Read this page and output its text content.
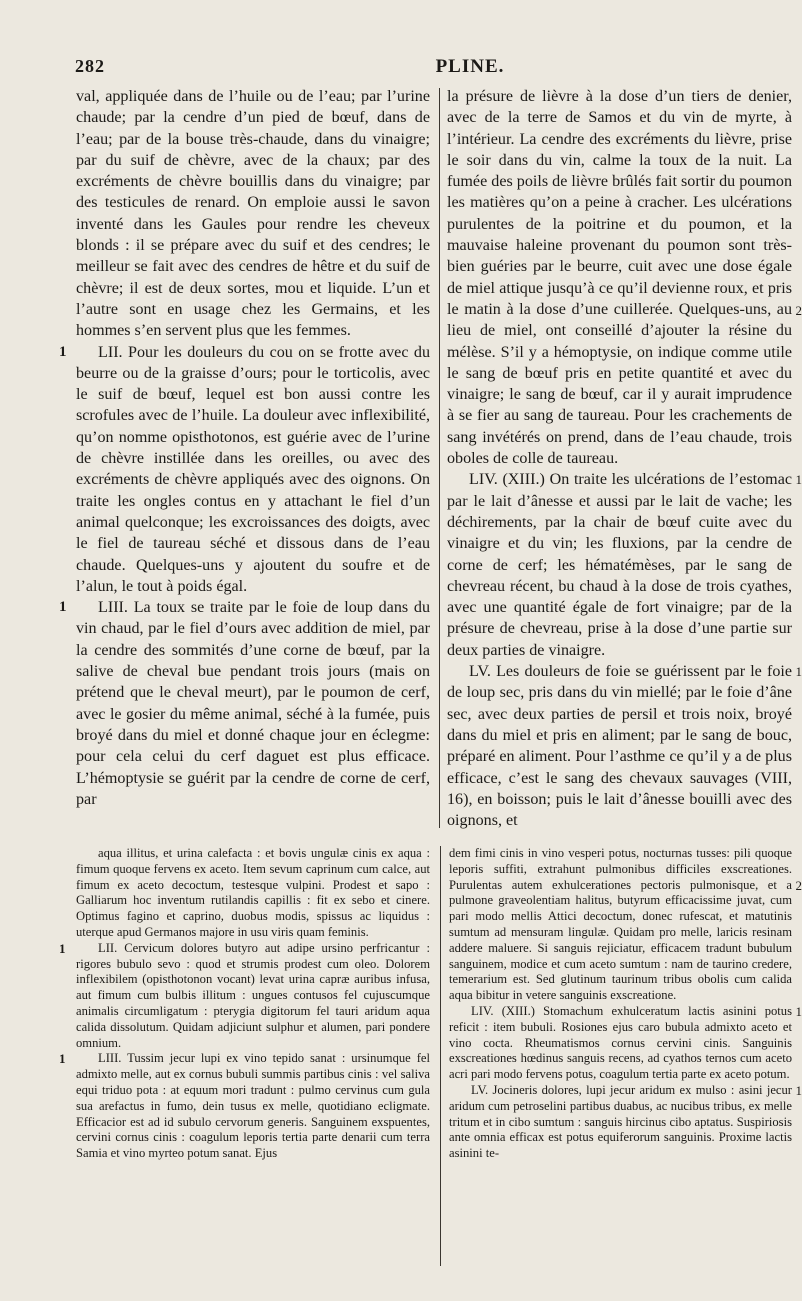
282	PLINE.

val, appliquée dans de l’huile ou de l’eau; par l’urine chaude; par la cendre d’un pied de bœuf, dans de l’eau; par de la bouse très-chaude, dans du vinaigre; par du suif de chèvre, avec de la chaux; par des excréments de chèvre bouillis dans du vinaigre; par des testicules de renard. On emploie aussi le savon inventé dans les Gaules pour rendre les cheveux blonds : il se prépare avec du suif et des cendres; le meilleur se fait avec des cendres de hêtre et du suif de chèvre; il est de deux sortes, mou et liquide. L’un et l’autre sont en usage chez les Germains, et les hommes s’en servent plus que les femmes.

1	LII. Pour les douleurs du cou on se frotte avec du beurre ou de la graisse d’ours; pour le torticolis, avec le suif de bœuf, lequel est bon aussi contre les scrofules avec de l’huile. La douleur avec inflexibilité, qu’on nomme opisthotonos, est guérie avec de l’urine de chèvre instillée dans les oreilles, ou avec des excréments de chèvre appliqués avec des oignons. On traite les ongles contus en y attachant le fiel d’un animal quelconque; les excroissances des doigts, avec le fiel de taureau séché et dissous dans de l’eau chaude. Quelques-uns y ajoutent du soufre et de l’alun, le tout à poids égal.

1	LIII. La toux se traite par le foie de loup dans du vin chaud, par le fiel d’ours avec addition de miel, par la cendre des sommités d’une corne de bœuf, par la salive de cheval bue pendant trois jours (mais on prétend que le cheval meurt), par le poumon de cerf, avec le gosier du même animal, séché à la fumée, puis broyé dans du miel et donné chaque jour en éclegme: pour cela celui du cerf daguet est plus efficace. L’hémoptysie se guérit par la cendre de corne de cerf, par

2

la présure de lièvre à la dose d’un tiers de denier, avec de la terre de Samos et du vin de myrte, à l’intérieur. La cendre des excréments du lièvre, prise le soir dans du vin, calme la toux de la nuit. La fumée des poils de lièvre brûlés fait sortir du poumon les matières qu’on a peine à cracher. Les ulcérations purulentes de la poitrine et du poumon, et la mauvaise haleine provenant du poumon sont très-bien guéries par le beurre, cuit avec une dose égale de miel attique jusqu’à ce qu’il devienne roux, et pris le matin à la dose d’une cuillerée. Quelques-uns, au lieu de miel, ont conseillé d’ajouter la résine du mélèse. S’il y a hémoptysie, on indique comme utile le sang de bœuf pris en petite quantité et avec du vinaigre; le sang de bœuf, car il y aurait imprudence à se fier au sang de taureau. Pour les crachements de sang invétérés on prend, dans de l’eau chaude, trois oboles de colle de taureau.

1

LIV. (XIII.) On traite les ulcérations de l’estomac par le lait d’ânesse et aussi par le lait de vache; les déchirements, par la chair de bœuf cuite avec du vinaigre et du vin; les fluxions, par la cendre de corne de cerf; les hématémèses, par le sang de chevreau récent, bu chaud à la dose de trois cyathes, avec une quantité égale de fort vinaigre; par de la présure de chevreau, prise à la dose d’une partie sur deux parties de vinaigre.

1

LV. Les douleurs de foie se guérissent par le foie de loup sec, pris dans du vin miellé; par le foie d’âne sec, avec deux parties de persil et trois noix, broyé dans du miel et pris en aliment; par le sang de bouc, préparé en aliment. Pour l’asthme ce qu’il y a de plus efficace, c’est le sang des chevaux sauvages (VIII, 16), en boisson; puis le lait d’ânesse bouilli avec des oignons, et

aqua illitus, et urina calefacta : et bovis ungulæ cinis ex aqua : fimum quoque fervens ex aceto. Item sevum caprinum cum calce, aut fimum ex aceto decoctum, testesque vulpini. Prodest et sapo : Galliarum hoc inventum rutilandis capillis : fit ex sebo et cinere. Optimus fagino et caprino, duobus modis, spissus ac liquidus : uterque apud Germanos majore in usu viris quam feminis.

1	LII. Cervicum dolores butyro aut adipe ursino perfricantur : rigores bubulo sevo : quod et strumis prodest cum oleo. Dolorem inflexibilem (opisthotonon vocant) levat urina capræ auribus infusa, aut fimum cum bulbis illitum : ungues contusos fel cujuscumque animalis circumligatum : pterygia digitorum fel tauri aridum aqua calida dissolutum. Quidam adjiciunt sulphur et alumen, pari pondere omnium.

1	LIII. Tussim jecur lupi ex vino tepido sanat : ursinumque fel admixto melle, aut ex cornus bubuli summis partibus cinis : vel saliva equi triduo pota : at equum mori tradunt : pulmo cervinus cum gula sua arefactus in fumo, dein tusus ex melle, quotidiano ecligmate. Efficacior est ad id subulo cervorum generis. Sanguinem exspuentes, cervini cornus cinis : coagulum leporis tertia parte denarii cum terra Samia et vino myrteo potum sanat. Ejus

2

dem fimi cinis in vino vesperi potus, nocturnas tusses: pili quoque leporis suffiti, extrahunt pulmonibus difficiles exscreationes. Purulentas autem exhulcerationes pectoris pulmonisque, et a pulmone graveolentiam halitus, butyrum efficacissime juvat, cum pari modo mellis Attici decoctum, donec rufescat, et matutinis sumtum ad mensuram lingulæ. Quidam pro melle, laricis resinam addere maluere. Si sanguis rejiciatur, efficacem tradunt bubulum sanguinem, modice et cum aceto sumtum : nam de taurino credere, temerarium est. Sed glutinum taurinum tribus obolis cum calida aqua bibitur in vetere sanguinis exscreatione.

1

LIV. (XIII.) Stomachum exhulceratum lactis asinini potus reficit : item bubuli. Rosiones ejus caro bubula admixto aceto et vino cocta. Rheumatismos cornus cervini cinis. Sanguinis exscreationes hœdinus sanguis recens, ad cyathos ternos cum aceto acri pari modo fervens potus, coagulum tertia parte ex aceto potum.

1

LV. Jocineris dolores, lupi jecur aridum ex mulso : asini jecur aridum cum petroselini partibus duabus, ac nucibus tribus, ex melle tritum et in cibo sumtum : sanguis hircinus cibo aptatus. Suspiriosis ante omnia efficax est potus equiferorum sanguinis. Proxime lactis asinini te-
